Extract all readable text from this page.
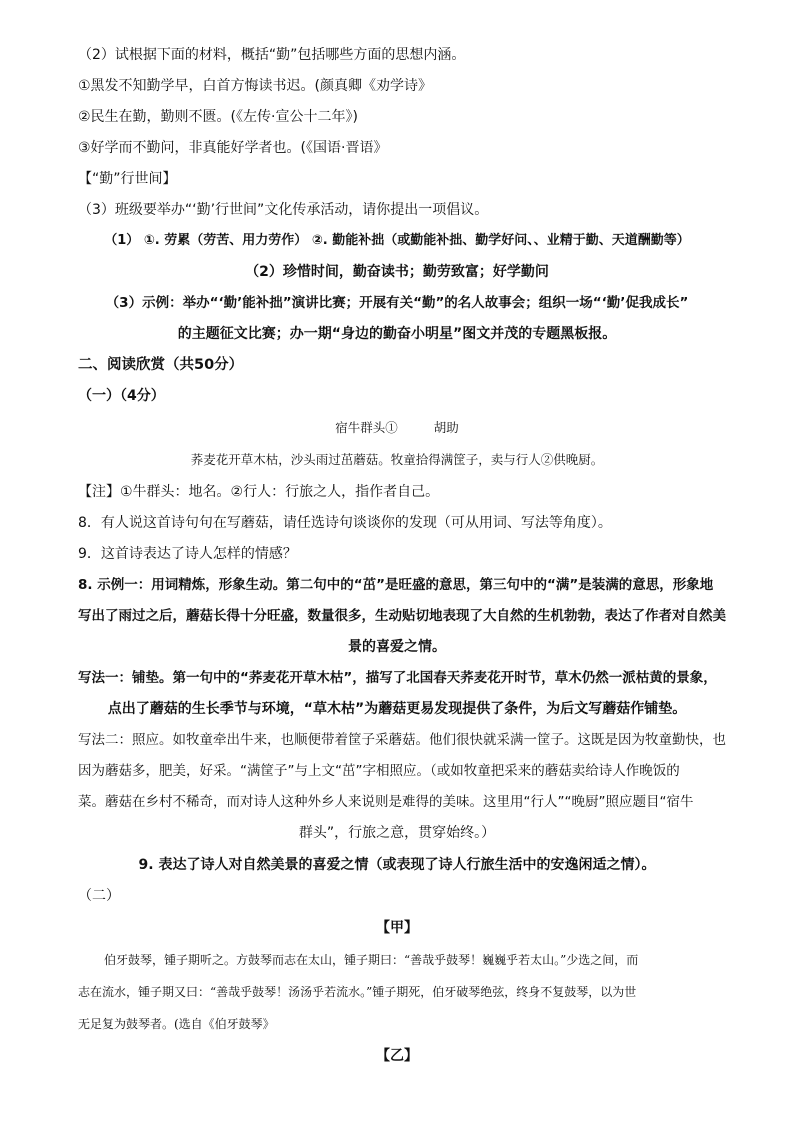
（2）试根据下面的材料，概括“勤”包括哪些方面的思想内涵。
①黑发不知勤学早，白首方悔读书迟。(颜真卿《劝学诗》
②民生在勤，勤则不匮。(《左传·宣公十二年》)
③好学而不勤问，非真能好学者也。(《国语·晋语》
【“勤”行世间】
（3）班级要举办“‘勤’行世间”文化传承活动，请你提出一项倡议。
（1） ①. 劳累（劳苦、用力劳作） ②. 勤能补拙（或勤能补拙、勤学好问、、业精于勤、天道酬勤等）
（2）珍惜时间，勤奋读书；勤劳致富；好学勤问
（3）示例：举办“‘勤’能补拙”演讲比赛；开展有关“勤”的名人故事会；组织一场“‘勤’促我成长”
的主题征文比赛；办一期“身边的勤奋小明星”图文并茂的专题黑板报。
二、阅读欣赏（共50分）
（一）（4分）
宿牛群头①	胡助
荞麦花开草木枯，沙头雨过茁蘑菇。牧童拾得满筐子，卖与行人②供晚厨。
【注】①牛群头：地名。②行人：行旅之人，指作者自己。
8．有人说这首诗句句在写蘑菇，请任选诗句谈谈你的发现（可从用词、写法等角度）。
9．这首诗表达了诗人怎样的情感？
8. 示例一：用词精炼，形象生动。第二句中的“茁”是旺盛的意思，第三句中的“满”是装满的意思，形象地
写出了雨过之后，蘑菇长得十分旺盛，数量很多，生动贴切地表现了大自然的生机勃勃，表达了作者对自然美
景的喜爱之情。
写法一：铺垫。第一句中的“荞麦花开草木枯”，描写了北国春天荞麦花开时节，草木仍然一派枯黄的景象，
点出了蘑菇的生长季节与环境，“草木枯”为蘑菇更易发现提供了条件，为后文写蘑菇作铺垫。
写法二：照应。如牧童牵出牛来，也顺便带着筐子采蘑菇。他们很快就采满一筐子。这既是因为牧童勤快，也
因为蘑菇多，肥美，好采。“满筐子”与上文“茁”字相照应。（或如牧童把采来的蘑菇卖给诗人作晚饭的
菜。蘑菇在乡村不稀奇，而对诗人这种外乡人来说则是难得的美味。这里用“行人”“晚厨”照应题目“宿牛
群头”，行旅之意，贯穿始终。）
9. 表达了诗人对自然美景的喜爱之情（或表现了诗人行旅生活中的安逸闲适之情）。
（二）
【甲】
伯牙鼓琴，锺子期听之。方鼓琴而志在太山，锺子期曰：“善哉乎鼓琴！巍巍乎若太山。”少选之间，而
志在流水，锺子期又曰：“善哉乎鼓琴！汤汤乎若流水。”锺子期死，伯牙破琴绝弦，终身不复鼓琴，以为世
无足复为鼓琴者。(选自《伯牙鼓琴》
【乙】
